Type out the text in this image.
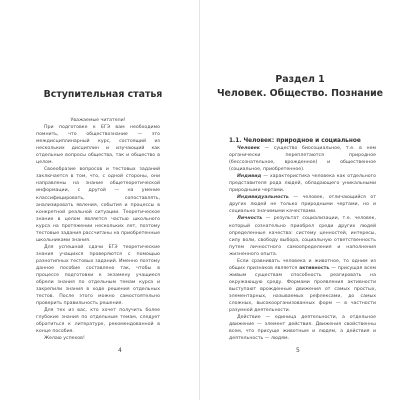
Вступительная статья

Уважаемые читатели!

При подготовке к ЕГЭ вам необходимо помнить, что обществознание — это междисциплинарный курс, состоящий из нескольких дисциплин и изучающий как отдельные вопросы общества, так и общество в целом.

Своеобразие вопросов и тестовых заданий заключается в том, что, с одной стороны, они направлены на знание общетеоретической информации, с другой — на умение классифицировать, сопоставлять, анализировать явления, события и процессы в конкретной реальной ситуации. Теоретическое знание в целом является частью школьного курса на протяжении нескольких лет, поэтому тестовые задания рассчитаны на приобретенные школьниками знания.

Для успешной сдачи ЕГЭ теоретические знания учащихся проверяются с помощью разнотипных тестовых заданий. Именно поэтому данное пособие составлено так, чтобы в процессе подготовки к экзамену учащиеся обрели знания по отдельным темам курса и закрепили знания в ходе решения отдельных тестов. После этого можно самостоятельно проверить правильность решения.

Для тех из вас, кто хочет получить более глубокие знания по отдельным темам, следует обратиться к литературе, рекомендованной в конце пособия.

Желаю успехов!

4
Раздел 1
Человек. Общество. Познание

1.1. Человек: природное и социальное

Человек — существо биосоциальное, т.е. в нем органически переплетаются природное (бессознательное, врожденное) и общественное (социальное, приобретенное).

Индивид — характеристика человека как отдельного представителя рода людей, обладающего уникальными природными чертами.

Индивидуальность — человек, отличающийся от других людей не только природными чертами, но и социально значимыми качествами.

Личность — результат социализации, т.е. человек, который сознательно приобрел среди других людей определенные качества: систему ценностей, интересы, силу воли, свободу выбора, социальную ответственность путем личностного самоопределения и наполнения жизненного опыта.

Если сравнивать человека и животное, то одним из общих признаков является активность — присущая всем живым существам способность реагировать на окружающую среду. Формами проявления активности выступают врожденные движения от самых простых, элементарных, называемых рефлексами, до самых сложных, высокоорганизованных форм — в частности разумной деятельности.

Действие — единица деятельности, а отдельное движение — элемент действия. Движения свойственны всем, что присуще животным и людям, а действия и деятельность — людям.

5
